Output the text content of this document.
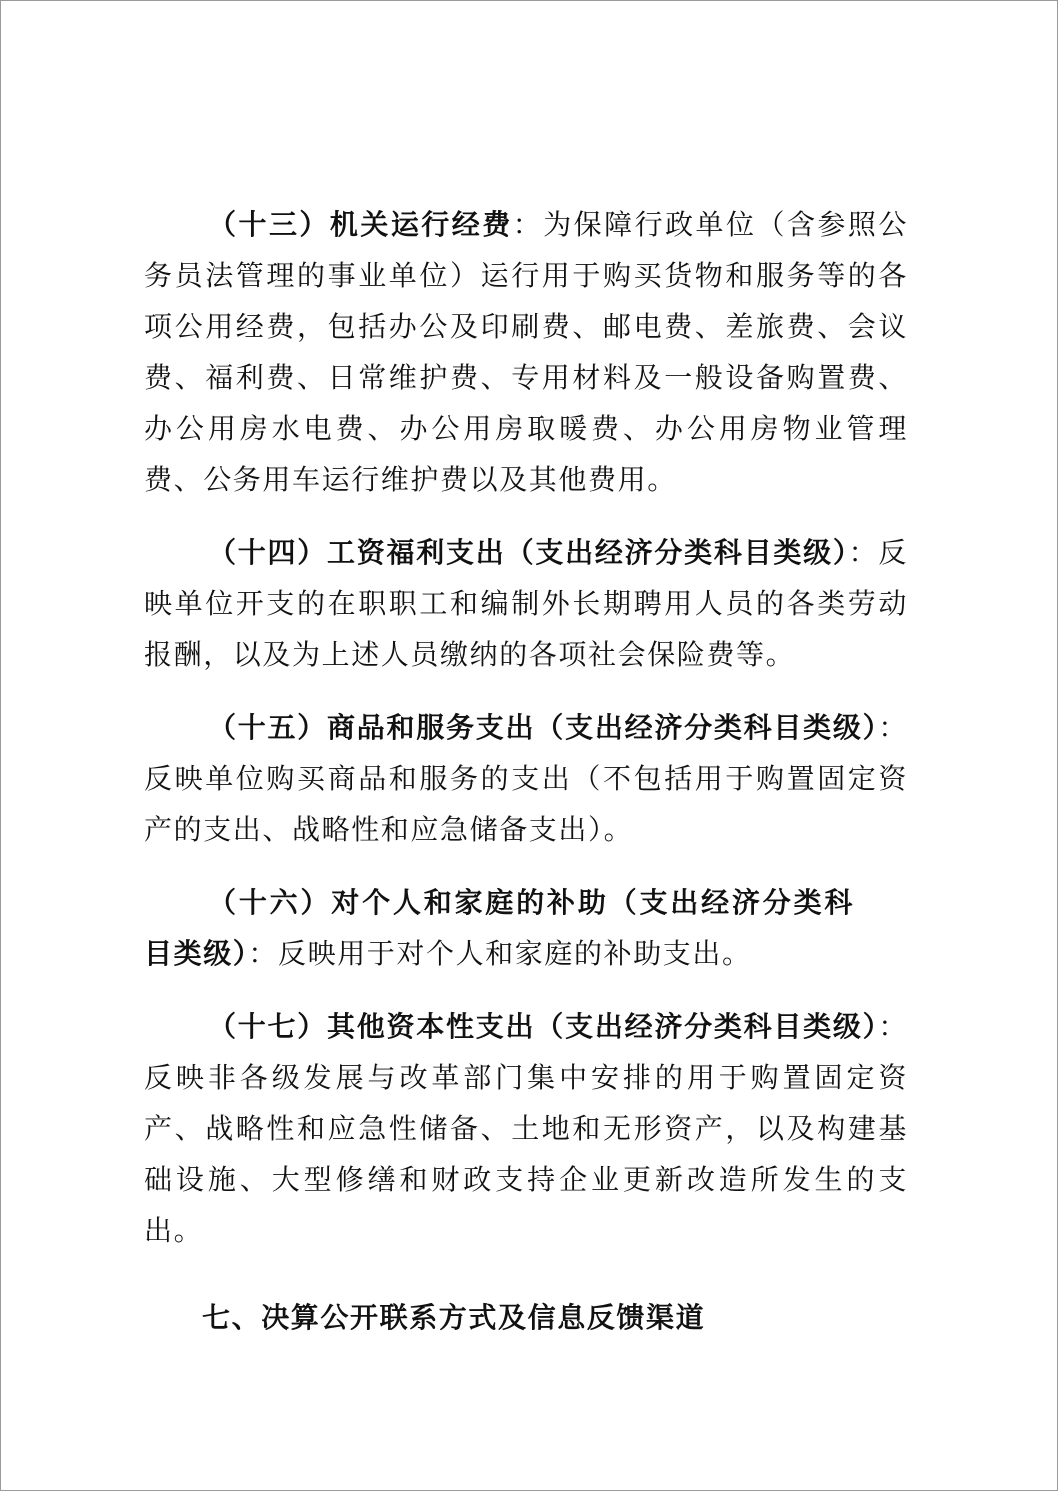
（十三）机关运行经费：为保障行政单位（含参照公务员法管理的事业单位）运行用于购买货物和服务等的各项公用经费，包括办公及印刷费、邮电费、差旅费、会议费、福利费、日常维护费、专用材料及一般设备购置费、办公用房水电费、办公用房取暖费、办公用房物业管理费、公务用车运行维护费以及其他费用。

（十四）工资福利支出（支出经济分类科目类级）：反映单位开支的在职职工和编制外长期聘用人员的各类劳动报酬，以及为上述人员缴纳的各项社会保险费等。

（十五）商品和服务支出（支出经济分类科目类级）：反映单位购买商品和服务的支出（不包括用于购置固定资产的支出、战略性和应急储备支出）。

（十六）对个人和家庭的补助（支出经济分类科目类级）：反映用于对个人和家庭的补助支出。

（十七）其他资本性支出（支出经济分类科目类级）：反映非各级发展与改革部门集中安排的用于购置固定资产、战略性和应急性储备、土地和无形资产，以及构建基础设施、大型修缮和财政支持企业更新改造所发生的支出。

七、决算公开联系方式及信息反馈渠道
